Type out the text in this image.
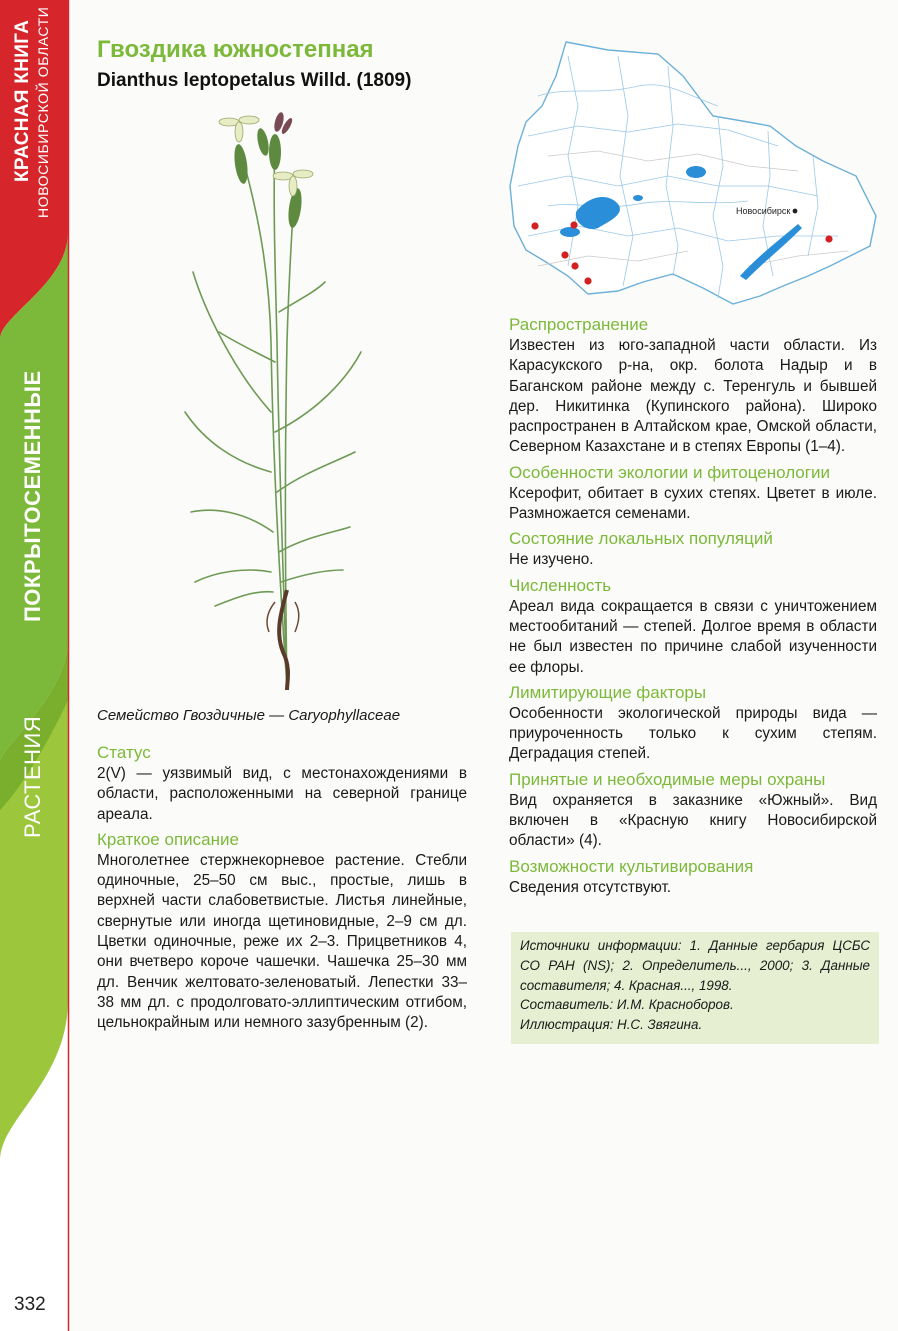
КРАСНАЯ КНИГА НОВОСИБИРСКОЙ ОБЛАСТИ
ПОКРЫТОСЕМЕННЫЕ
РАСТЕНИЯ
332
Гвоздика южностепная
Dianthus leptopetalus Willd. (1809)
Новосибирск
Семейство Гвоздичные — Caryophyllaceae
Статус
2(V) — уязвимый вид, с местонахождениями в области, расположенными на северной границе ареала.
Краткое описание
Многолетнее стержнекорневое растение. Стебли одиночные, 25–50 см выс., простые, лишь в верхней части слабоветвистые. Листья линейные, свернутые или иногда щетиновидные, 2–9 см дл. Цветки одиночные, реже их 2–3. Прицветников 4, они вчетверо короче чашечки. Чашечка 25–30 мм дл. Венчик желтовато-зеленоватый. Лепестки 33–38 мм дл. с продолговато-эллиптическим отгибом, цельнокрайным или немного зазубренным (2).
Распространение
Известен из юго-западной части области. Из Карасукского р-на, окр. болота Надыр и в Баганском районе между с. Теренгуль и бывшей дер. Никитинка (Купинского района). Широко распространен в Алтайском крае, Омской области, Северном Казахстане и в степях Европы (1–4).
Особенности экологии и фитоценологии
Ксерофит, обитает в сухих степях. Цветет в июле. Размножается семенами.
Состояние локальных популяций
Не изучено.
Численность
Ареал вида сокращается в связи с уничтожением местообитаний — степей. Долгое время в области не был известен по причине слабой изученности ее флоры.
Лимитирующие факторы
Особенности экологической природы вида — приуроченность только к сухим степям. Деградация степей.
Принятые и необходимые меры охраны
Вид охраняется в заказнике «Южный». Вид включен в «Красную книгу Новосибирской области» (4).
Возможности культивирования
Сведения отсутствуют.
Источники информации: 1. Данные гербария ЦСБС СО РАН (NS); 2. Определитель..., 2000; 3. Данные составителя; 4. Красная..., 1998.
Составитель: И.М. Красноборов.
Иллюстрация: Н.С. Звягина.
